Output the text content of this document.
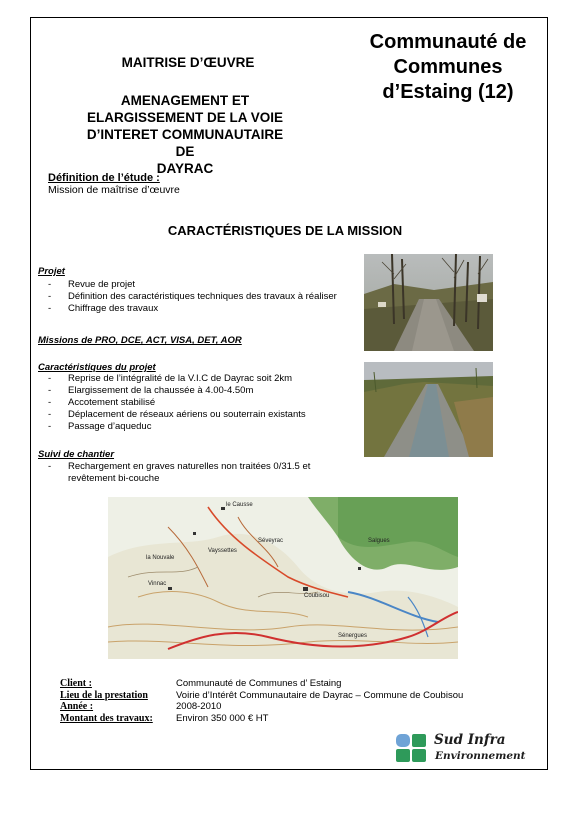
Communauté de
Communes
d’Estaing (12)
MAITRISE D’ŒUVRE
AMENAGEMENT ET
ELARGISSEMENT DE LA VOIE
D’INTERET COMMUNAUTAIRE DE
DAYRAC
Définition de l’étude :
Mission de maîtrise d’œuvre
CARACTÉRISTIQUES DE LA MISSION
Projet
- Revue de projet
- Définition des caractéristiques techniques des travaux à réaliser
- Chiffrage des travaux
Missions de PRO, DCE, ACT, VISA, DET, AOR
Caractéristiques du projet
- Reprise de l’intégralité de la V.I.C de Dayrac soit 2km
- Elargissement de la chaussée à 4.00-4.50m
- Accotement stabilisé
- Déplacement de réseaux aériens ou souterrain existants
- Passage d’aqueduc
Suivi de chantier
- Rechargement en graves naturelles non traitées 0/31.5 et revêtement bi-couche
le Causse
Coubisou
la Nouvale
Vayssettes
Séveyrac
Vinnac
Salgues
Sénergues
Client :	Communauté de Communes d’ Estaing
Lieu de la prestation	Voirie d’Intérêt Communautaire de Dayrac – Commune de Coubisou
Année :	2008-2010
Montant des travaux: Environ 350 000 € HT
Sud Infra
Environnement
